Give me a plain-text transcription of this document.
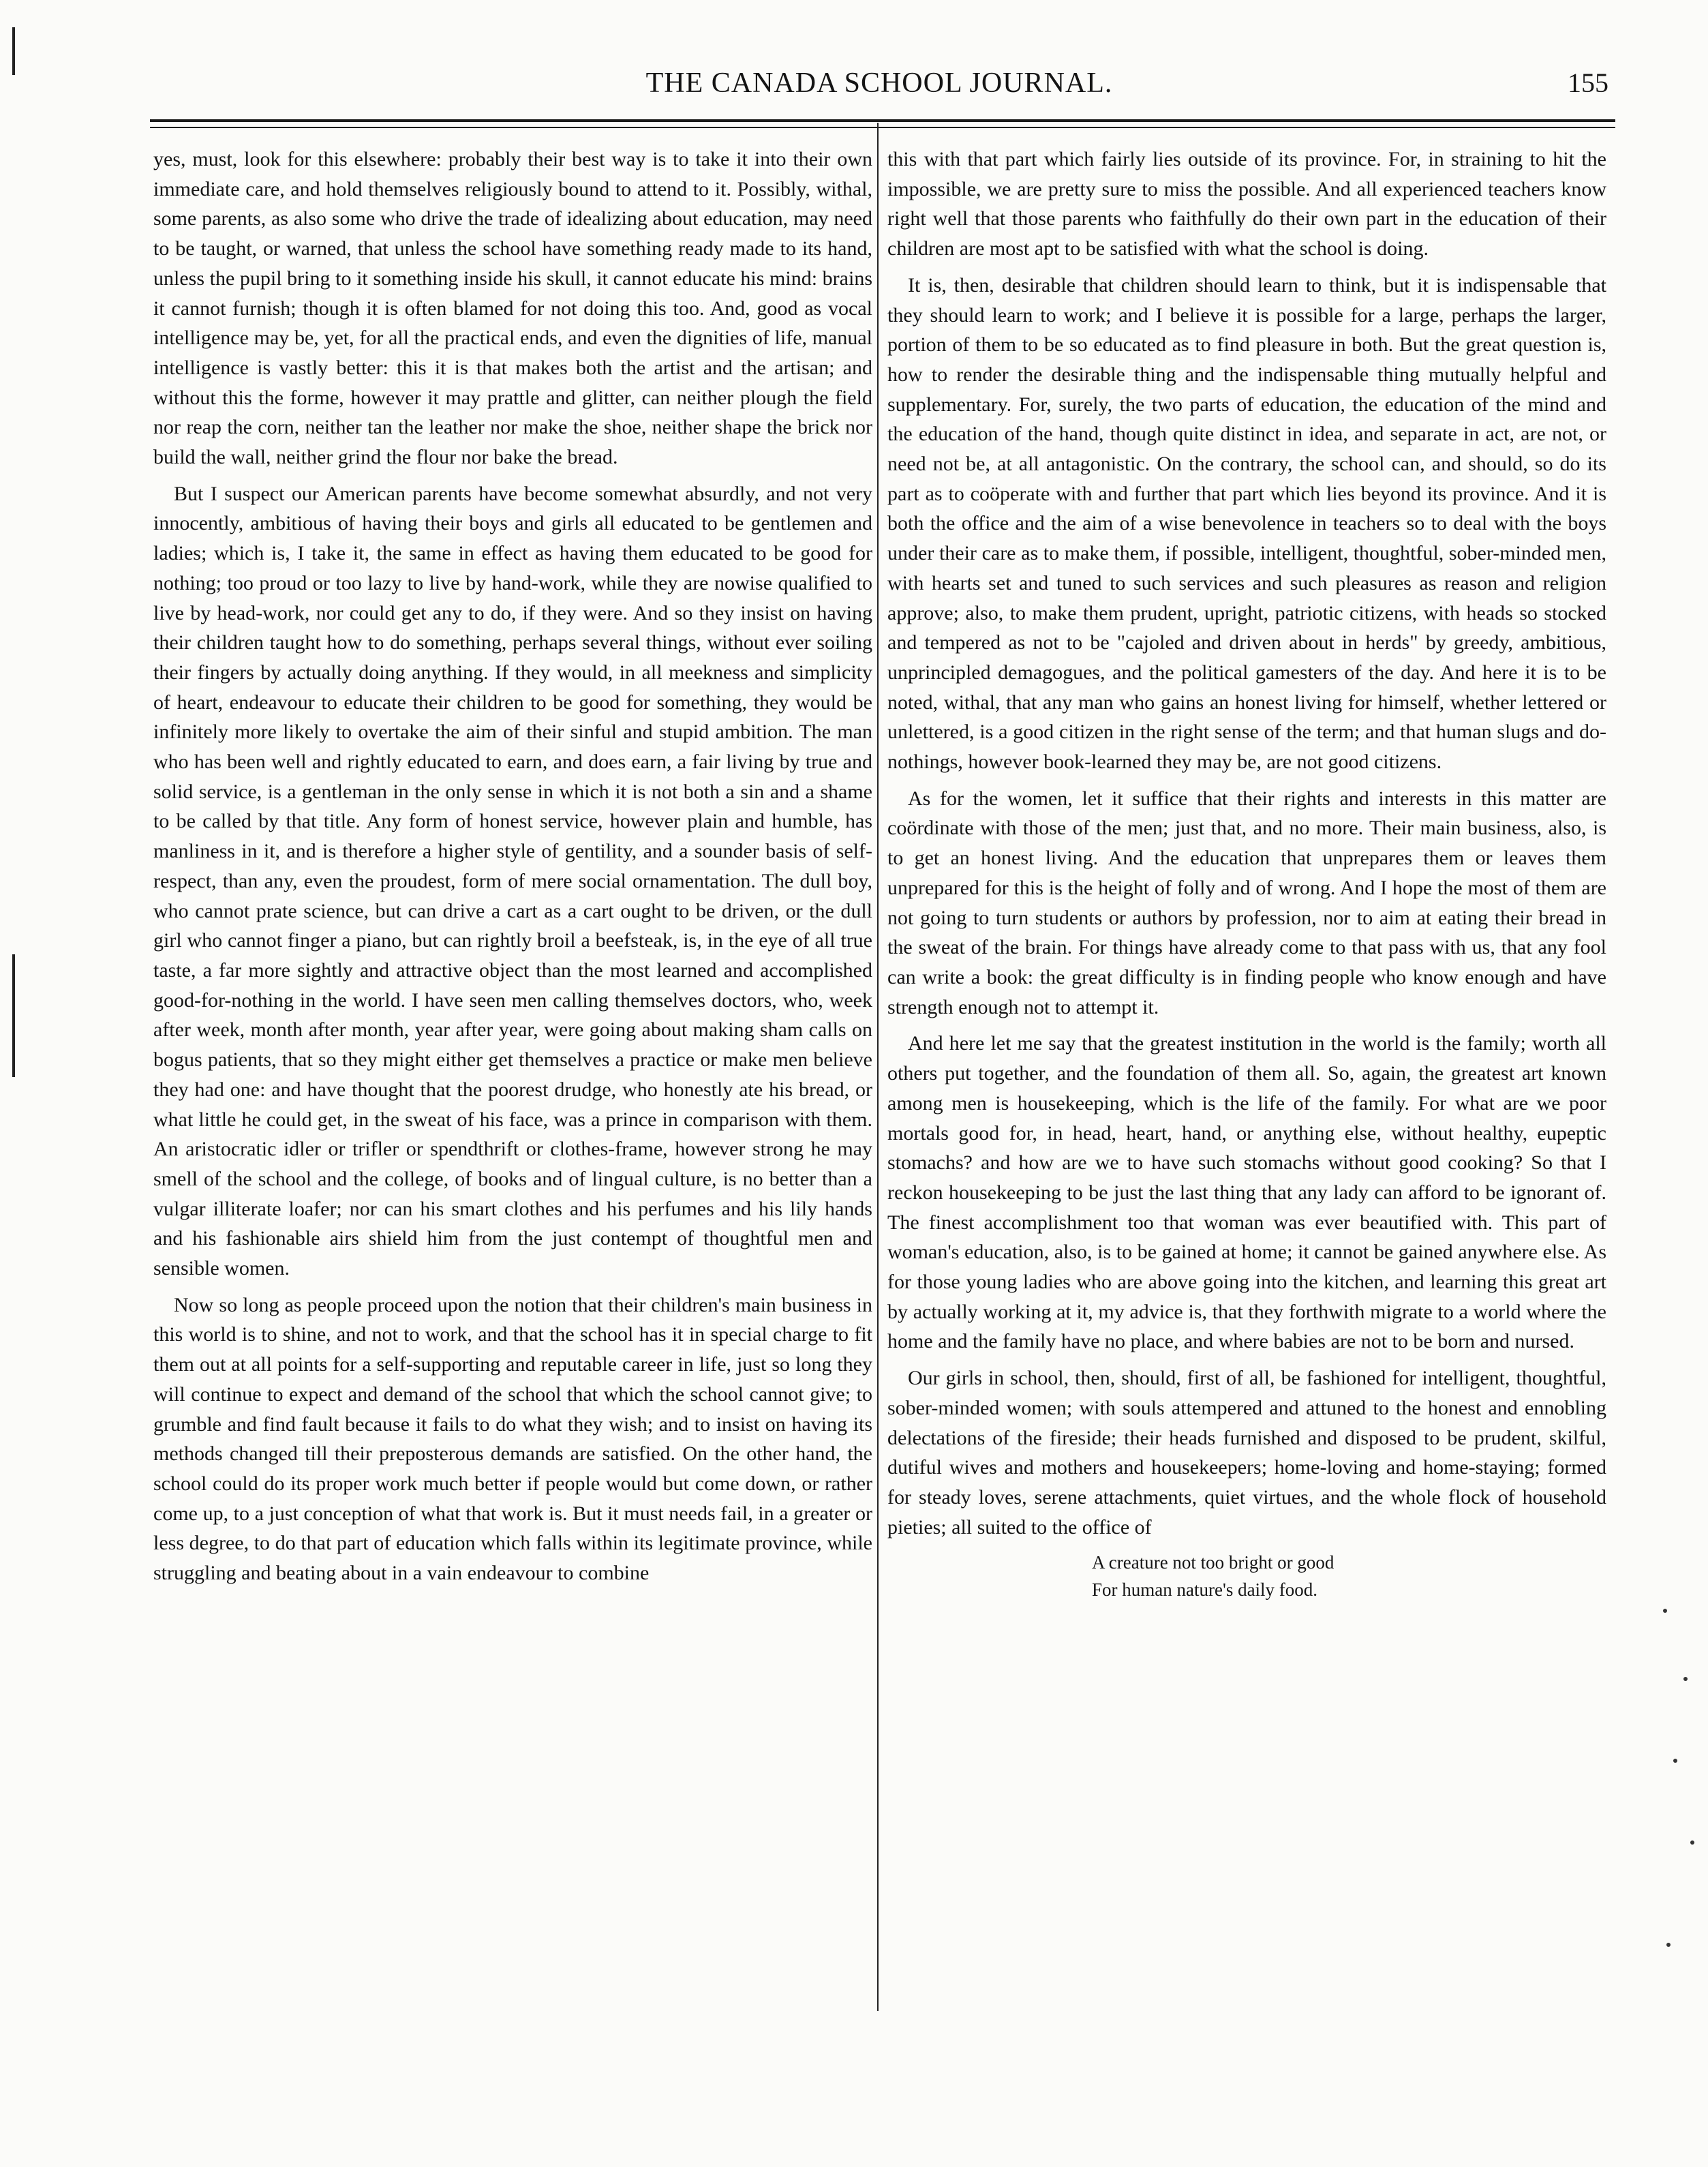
THE CANADA SCHOOL JOURNAL.	155

yes, must, look for this elsewhere: probably their best way is to take it into their own immediate care, and hold themselves religiously bound to attend to it. Possibly, withal, some parents, as also some who drive the trade of idealizing about education, may need to be taught, or warned, that unless the school have something ready made to its hand, unless the pupil bring to it something inside his skull, it cannot educate his mind: brains it cannot furnish; though it is often blamed for not doing this too. And, good as vocal intelligence may be, yet, for all the practical ends, and even the dignities of life, manual intelligence is vastly better: this it is that makes both the artist and the artisan; and without this the forme, however it may prattle and glitter, can neither plough the field nor reap the corn, neither tan the leather nor make the shoe, neither shape the brick nor build the wall, neither grind the flour nor bake the bread.

But I suspect our American parents have become somewhat absurdly, and not very innocently, ambitious of having their boys and girls all educated to be gentlemen and ladies; which is, I take it, the same in effect as having them educated to be good for nothing; too proud or too lazy to live by hand-work, while they are nowise qualified to live by head-work, nor could get any to do, if they were. And so they insist on having their children taught how to do something, perhaps several things, without ever soiling their fingers by actually doing anything. If they would, in all meekness and simplicity of heart, endeavour to educate their children to be good for something, they would be infinitely more likely to overtake the aim of their sinful and stupid ambition. The man who has been well and rightly educated to earn, and does earn, a fair living by true and solid service, is a gentleman in the only sense in which it is not both a sin and a shame to be called by that title. Any form of honest service, however plain and humble, has manliness in it, and is therefore a higher style of gentility, and a sounder basis of self-respect, than any, even the proudest, form of mere social ornamentation. The dull boy, who cannot prate science, but can drive a cart as a cart ought to be driven, or the dull girl who cannot finger a piano, but can rightly broil a beefsteak, is, in the eye of all true taste, a far more sightly and attractive object than the most learned and accomplished good-for-nothing in the world. I have seen men calling themselves doctors, who, week after week, month after month, year after year, were going about making sham calls on bogus patients, that so they might either get themselves a practice or make men believe they had one: and have thought that the poorest drudge, who honestly ate his bread, or what little he could get, in the sweat of his face, was a prince in comparison with them. An aristocratic idler or trifler or spendthrift or clothes-frame, however strong he may smell of the school and the college, of books and of lingual culture, is no better than a vulgar illiterate loafer; nor can his smart clothes and his perfumes and his lily hands and his fashionable airs shield him from the just contempt of thoughtful men and sensible women.

Now so long as people proceed upon the notion that their children's main business in this world is to shine, and not to work, and that the school has it in special charge to fit them out at all points for a self-supporting and reputable career in life, just so long they will continue to expect and demand of the school that which the school cannot give; to grumble and find fault because it fails to do what they wish; and to insist on having its methods changed till their preposterous demands are satisfied. On the other hand, the school could do its proper work much better if people would but come down, or rather come up, to a just conception of what that work is. But it must needs fail, in a greater or less degree, to do that part of education which falls within its legitimate province, while struggling and beating about in a vain endeavour to combine

this with that part which fairly lies outside of its province. For, in straining to hit the impossible, we are pretty sure to miss the possible. And all experienced teachers know right well that those parents who faithfully do their own part in the education of their children are most apt to be satisfied with what the school is doing.

It is, then, desirable that children should learn to think, but it is indispensable that they should learn to work; and I believe it is possible for a large, perhaps the larger, portion of them to be so educated as to find pleasure in both. But the great question is, how to render the desirable thing and the indispensable thing mutually helpful and supplementary. For, surely, the two parts of education, the education of the mind and the education of the hand, though quite distinct in idea, and separate in act, are not, or need not be, at all antagonistic. On the contrary, the school can, and should, so do its part as to coöperate with and further that part which lies beyond its province. And it is both the office and the aim of a wise benevolence in teachers so to deal with the boys under their care as to make them, if possible, intelligent, thoughtful, sober-minded men, with hearts set and tuned to such services and such pleasures as reason and religion approve; also, to make them prudent, upright, patriotic citizens, with heads so stocked and tempered as not to be "cajoled and driven about in herds" by greedy, ambitious, unprincipled demagogues, and the political gamesters of the day. And here it is to be noted, withal, that any man who gains an honest living for himself, whether lettered or unlettered, is a good citizen in the right sense of the term; and that human slugs and do-nothings, however book-learned they may be, are not good citizens.

As for the women, let it suffice that their rights and interests in this matter are coördinate with those of the men; just that, and no more. Their main business, also, is to get an honest living. And the education that unprepares them or leaves them unprepared for this is the height of folly and of wrong. And I hope the most of them are not going to turn students or authors by profession, nor to aim at eating their bread in the sweat of the brain. For things have already come to that pass with us, that any fool can write a book: the great difficulty is in finding people who know enough and have strength enough not to attempt it.

And here let me say that the greatest institution in the world is the family; worth all others put together, and the foundation of them all. So, again, the greatest art known among men is housekeeping, which is the life of the family. For what are we poor mortals good for, in head, heart, hand, or anything else, without healthy, eupeptic stomachs? and how are we to have such stomachs without good cooking? So that I reckon housekeeping to be just the last thing that any lady can afford to be ignorant of. The finest accomplishment too that woman was ever beautified with. This part of woman's education, also, is to be gained at home; it cannot be gained anywhere else. As for those young ladies who are above going into the kitchen, and learning this great art by actually working at it, my advice is, that they forthwith migrate to a world where the home and the family have no place, and where babies are not to be born and nursed.

Our girls in school, then, should, first of all, be fashioned for intelligent, thoughtful, sober-minded women; with souls attempered and attuned to the honest and ennobling delectations of the fireside; their heads furnished and disposed to be prudent, skilful, dutiful wives and mothers and housekeepers; home-loving and home-staying; formed for steady loves, serene attachments, quiet virtues, and the whole flock of household pieties; all suited to the office of

A creature not too bright or good
For human nature's daily food.
